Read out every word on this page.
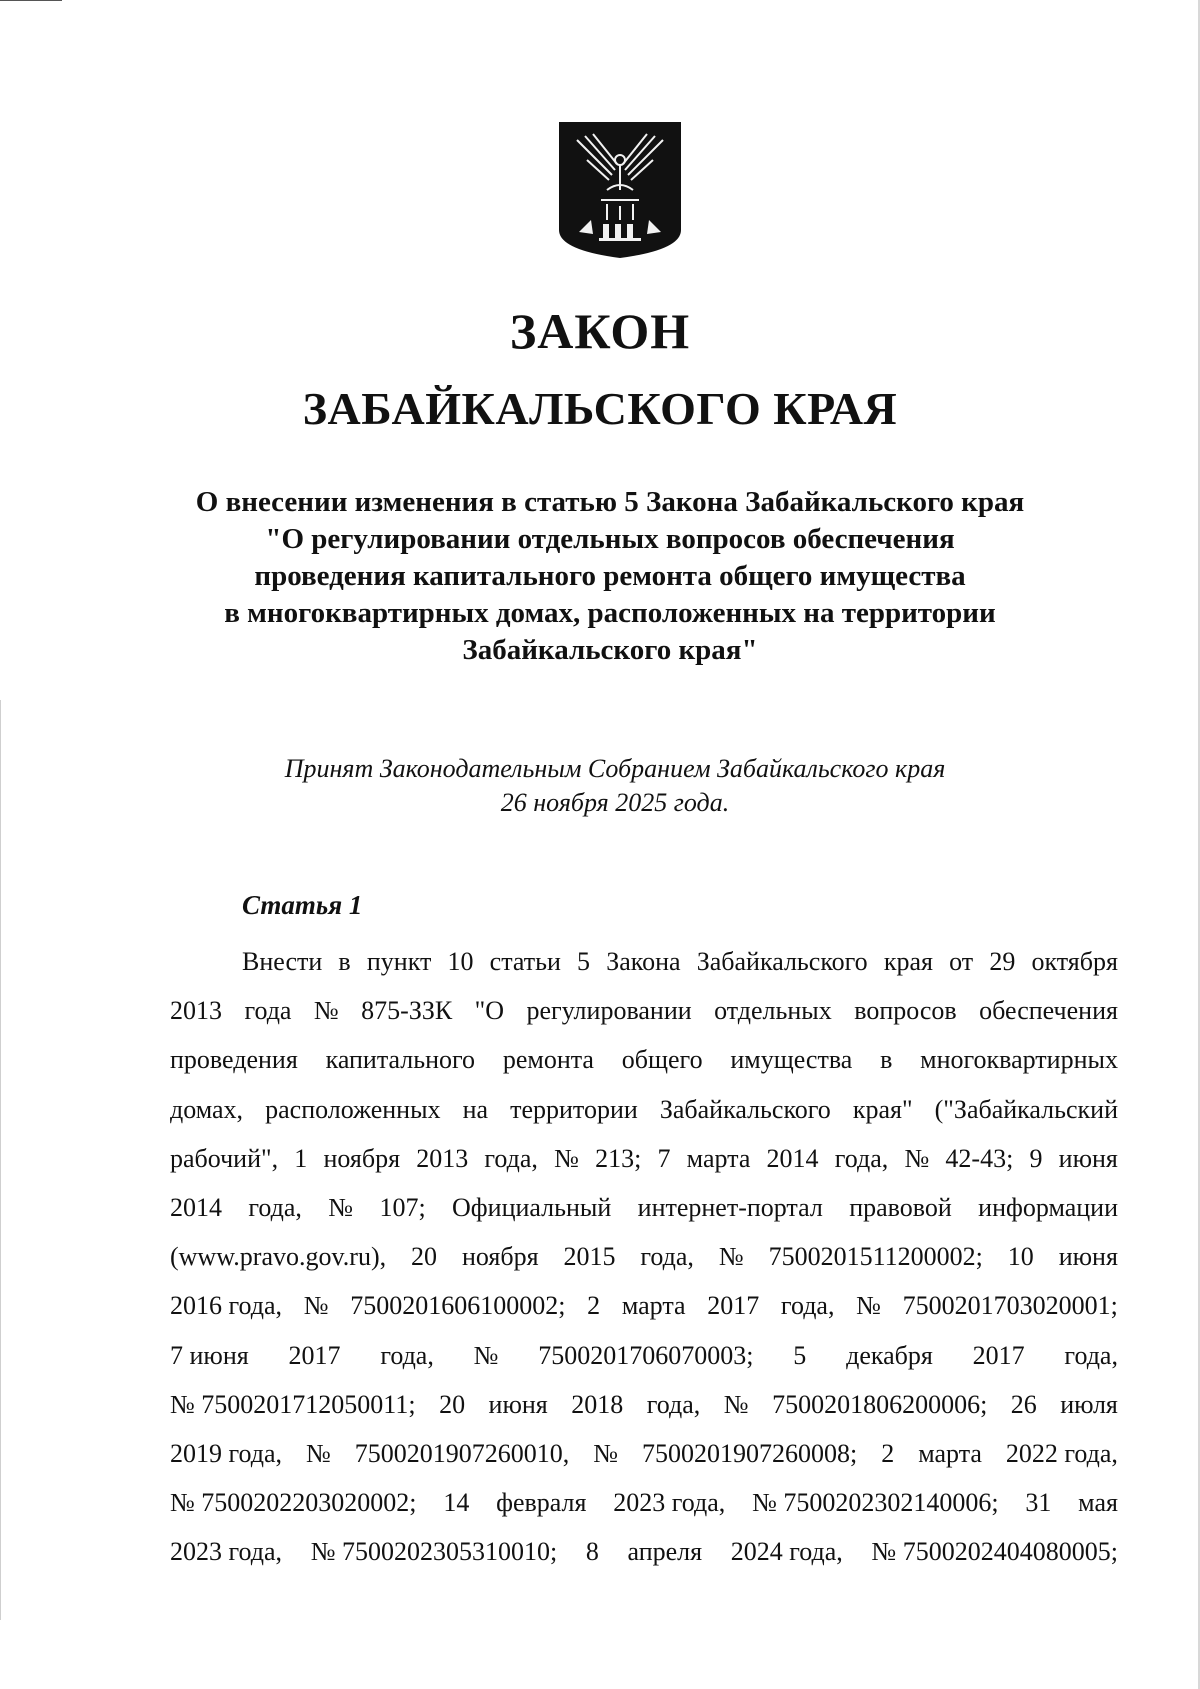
ЗАКОН
ЗАБАЙКАЛЬСКОГО КРАЯ
О внесении изменения в статью 5 Закона Забайкальского края
"О регулировании отдельных вопросов обеспечения
проведения капитального ремонта общего имущества
в многоквартирных домах, расположенных на территории
Забайкальского края"
Принят Законодательным Собранием Забайкальского края
26 ноября 2025 года.

Статья 1

Внести в пункт 10 статьи 5 Закона Забайкальского края от 29 октября
2013 года № 875-ЗЗК "О регулировании отдельных вопросов обеспечения
проведения капитального ремонта общего имущества в многоквартирных
домах, расположенных на территории Забайкальского края" ("Забайкальский
рабочий", 1 ноября 2013 года, № 213; 7 марта 2014 года, № 42-43; 9 июня
2014 года, № 107; Официальный интернет-портал правовой информации
(www.pravo.gov.ru), 20 ноября 2015 года, № 7500201511200002; 10 июня
2016 года, № 7500201606100002; 2 марта 2017 года, № 7500201703020001;
7 июня 2017 года, № 7500201706070003; 5 декабря 2017 года,
№ 7500201712050011; 20 июня 2018 года, № 7500201806200006; 26 июля
2019 года, № 7500201907260010, № 7500201907260008; 2 марта 2022 года,
№ 7500202203020002; 14 февраля 2023 года, № 7500202302140006; 31 мая
2023 года, № 7500202305310010; 8 апреля 2024 года, № 7500202404080005;
